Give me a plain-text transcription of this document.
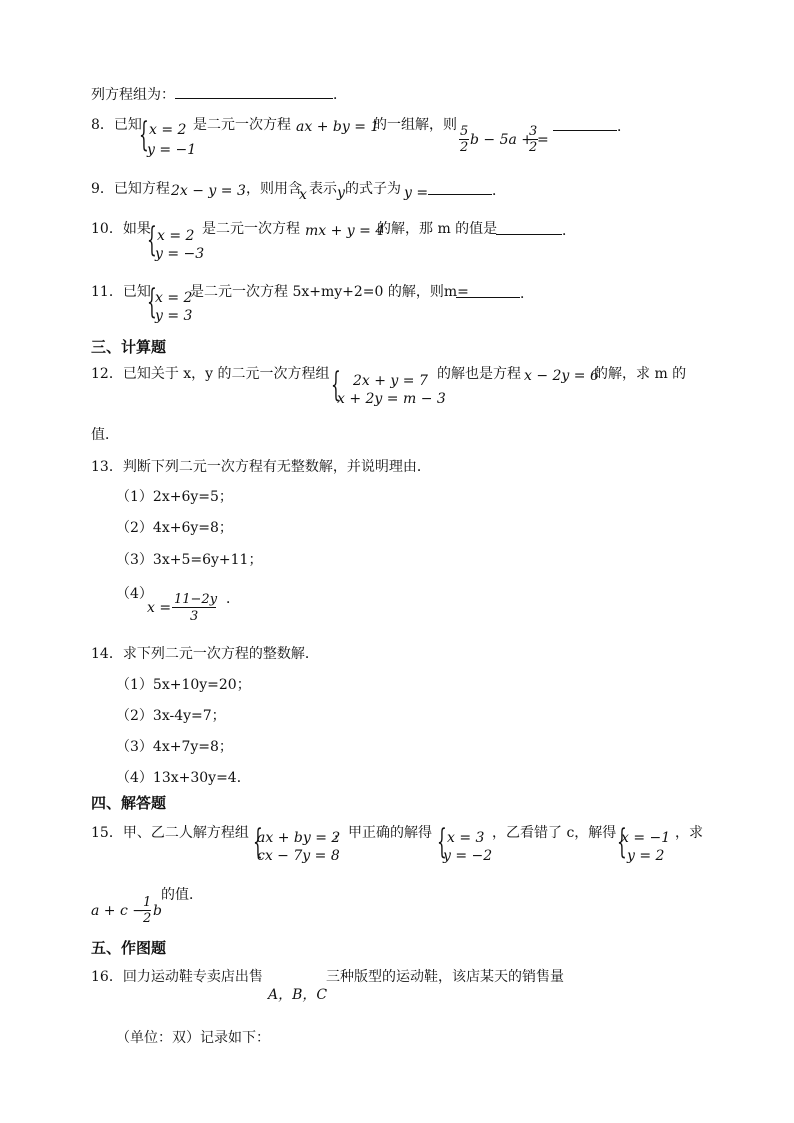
列方程组为：	．
8．已知
{ x = 2
y = −1
是二元一次方程 ax + by = 1
的一组解，则 5
2 b − 5a +
3
2 =
．
9．已知方程 2x − y = 3 ，则用含
x 表示 y 的式子为 y =	．
10．如果
{ x = 2
y = −3
是二元一次方程 mx + y = 4
的解，那 m 的值是	．
11．已知
{
x = 2
y = 3
是二元一次方程 5x+my+2=0 的解，则m=	．
三、计算题
12．已知关于 x，y 的二元一次方程组 { 2x + y = 7
x + 2y = m − 3
的解也是方程 x − 2y = 6
的解，求 m 的
值．
13．判断下列二元一次方程有无整数解，并说明理由．
（1）2x+6y=5；
（2）4x+6y=8；
（3）3x+5=6y+11；
（4）
x =
11−2y
3
．
14．求下列二元一次方程的整数解．
（1）5x+10y=20；
（2）3x-4y=7；
（3）4x+7y=8；
（4）13x+30y=4．
四、解答题
15．甲、乙二人解方程组 {
ax + by = 2
cx − 7y = 8
，甲正确的解得 { x = 3
y = −2
，乙看错了 c，解得 {
x = −1
y = 2
，求
a + c −
1
2 b
的值．
五、作图题
16．回力运动鞋专卖店出售
A，B，C
三种版型的运动鞋，该店某天的销售量
（单位：双）记录如下：
